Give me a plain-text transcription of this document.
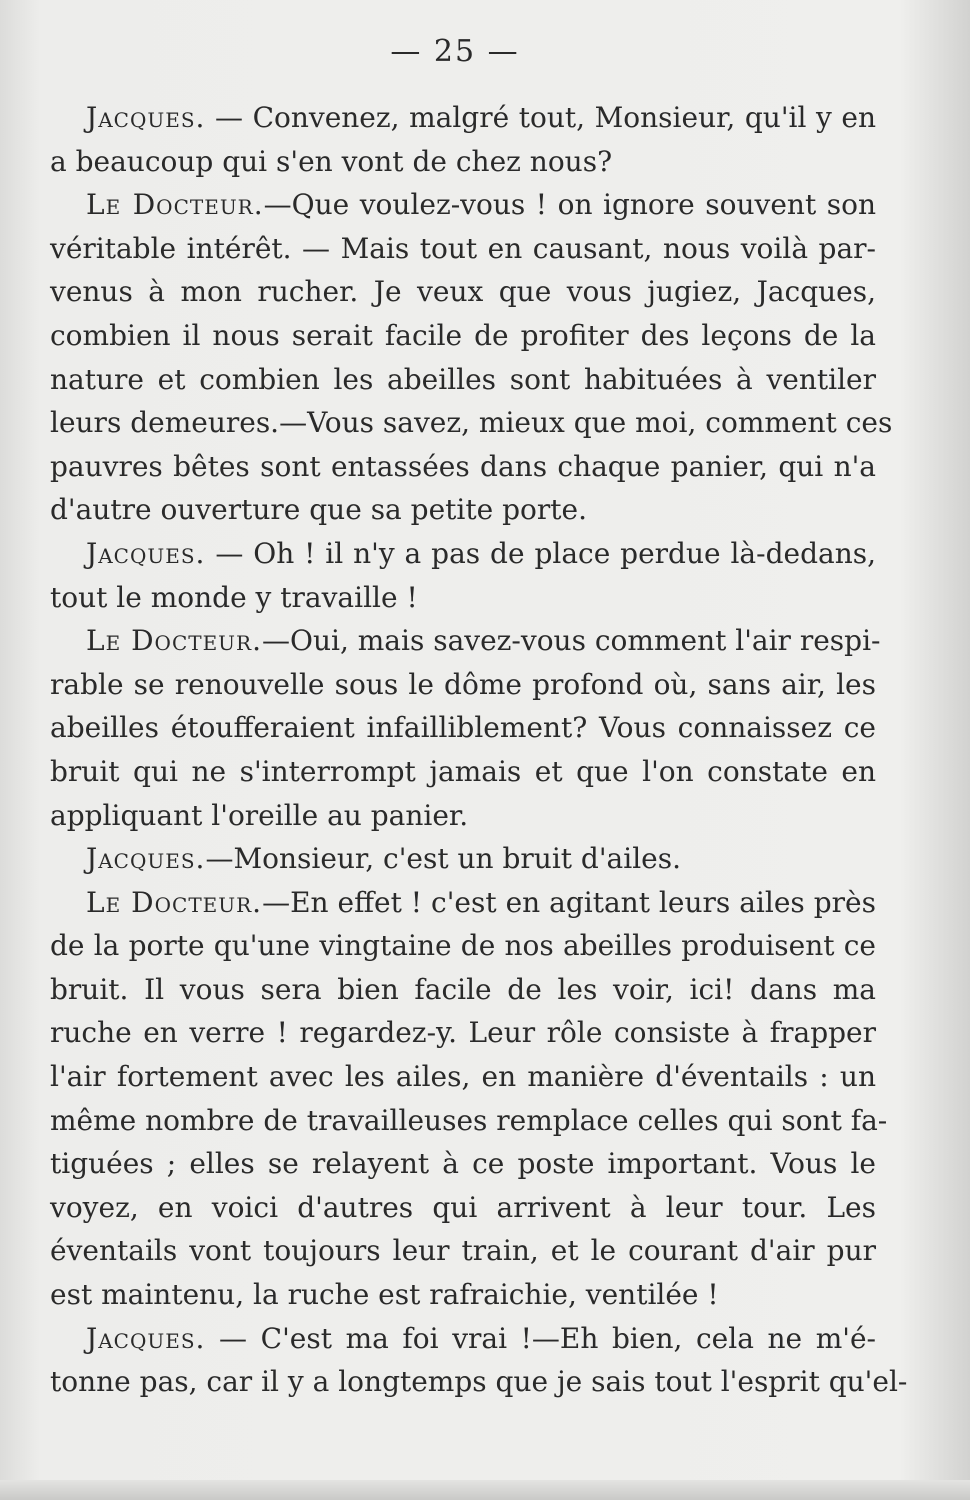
— 25 —
Jacques. — Convenez, malgré tout, Monsieur, qu'il y en
a beaucoup qui s'en vont de chez nous?
Le Docteur.—Que voulez-vous ! on ignore souvent son
véritable intérêt. — Mais tout en causant, nous voilà par-
venus à mon rucher. Je veux que vous jugiez, Jacques,
combien il nous serait facile de profiter des leçons de la
nature et combien les abeilles sont habituées à ventiler
leurs demeures.—Vous savez, mieux que moi, comment ces
pauvres bêtes sont entassées dans chaque panier, qui n'a
d'autre ouverture que sa petite porte.
Jacques. — Oh ! il n'y a pas de place perdue là-dedans,
tout le monde y travaille !
Le Docteur.—Oui, mais savez-vous comment l'air respi-
rable se renouvelle sous le dôme profond où, sans air, les
abeilles étoufferaient infailliblement? Vous connaissez ce
bruit qui ne s'interrompt jamais et que l'on constate en
appliquant l'oreille au panier.
Jacques.—Monsieur, c'est un bruit d'ailes.
Le Docteur.—En effet ! c'est en agitant leurs ailes près
de la porte qu'une vingtaine de nos abeilles produisent ce
bruit. Il vous sera bien facile de les voir, ici! dans ma
ruche en verre ! regardez-y. Leur rôle consiste à frapper
l'air fortement avec les ailes, en manière d'éventails : un
même nombre de travailleuses remplace celles qui sont fa-
tiguées ; elles se relayent à ce poste important. Vous le
voyez, en voici d'autres qui arrivent à leur tour. Les
éventails vont toujours leur train, et le courant d'air pur
est maintenu, la ruche est rafraichie, ventilée !
Jacques. — C'est ma foi vrai !—Eh bien, cela ne m'é-
tonne pas, car il y a longtemps que je sais tout l'esprit qu'el-
